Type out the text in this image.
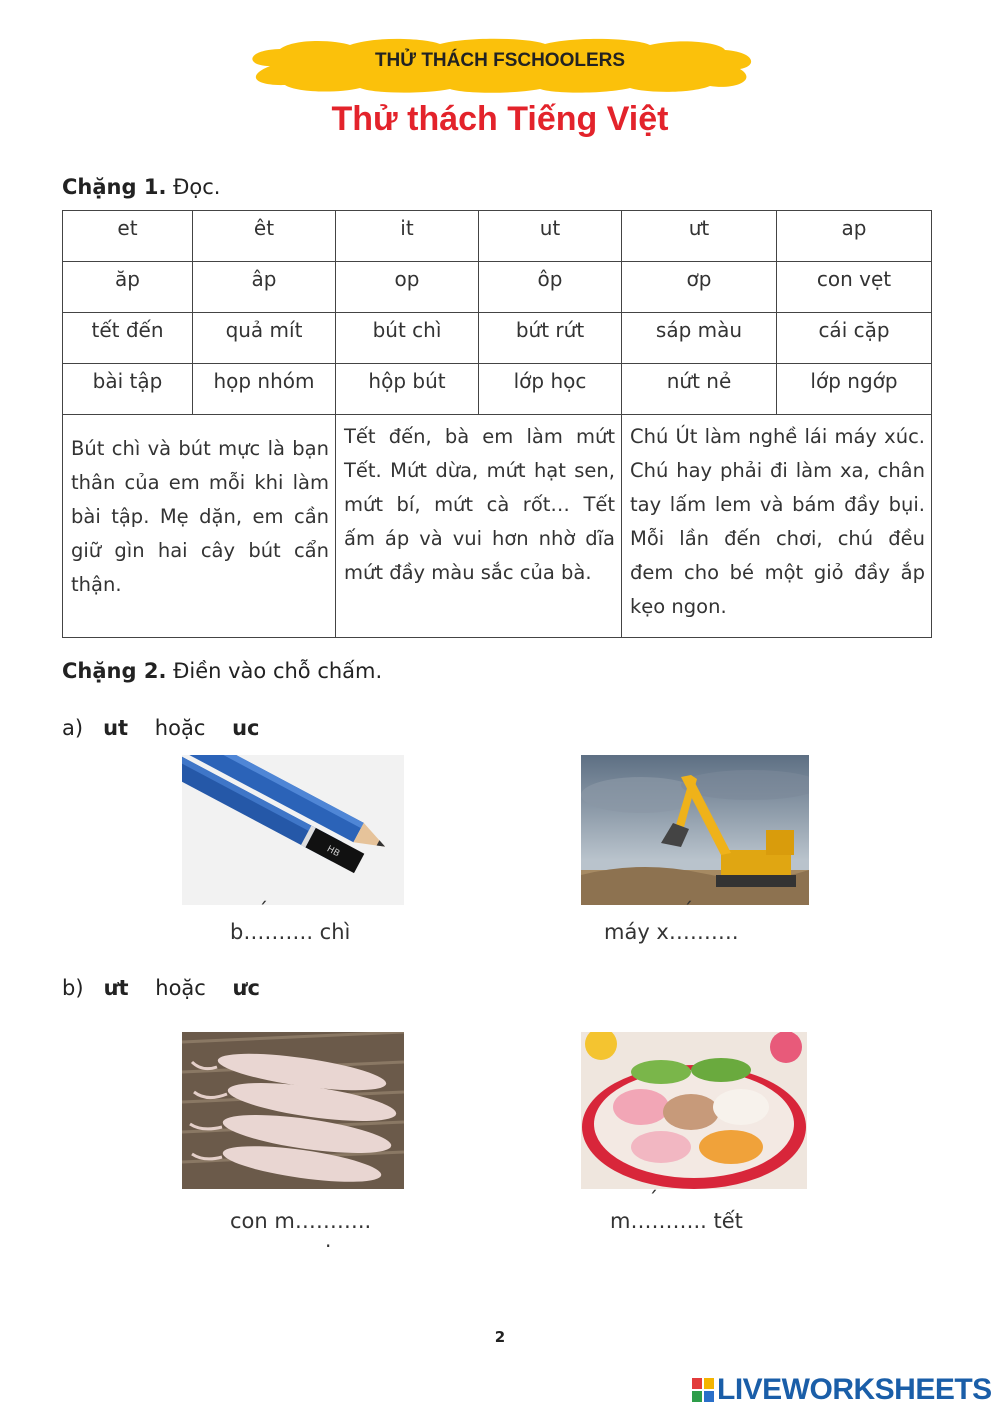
THỬ THÁCH FSCHOOLERS
Thử thách Tiếng Việt
Chặng 1. Đọc.
et	êt	it	ut	ưt	ap
ăp	âp	op	ôp	ơp	con vẹt
tết đến	quả mít	bút chì	bứt rứt	sáp màu	cái cặp
bài tập	họp nhóm	hộp bút	lớp học	nứt nẻ	lớp ngớp

Bút chì và bút mực là bạn thân của em mỗi khi làm bài tập. Mẹ dặn, em cần giữ gìn hai cây bút cẩn thận.		Tết đến, bà em làm mứt Tết. Mứt dừa, mứt hạt sen, mứt bí, mứt cà rốt… Tết ấm áp và vui hơn nhờ dĩa mứt đầy màu sắc của bà.		Chú Út làm nghề lái máy xúc. Chú hay phải đi làm xa, chân tay lấm lem và bám đầy bụi. Mỗi lần đến chơi, chú đều đem cho bé một giỏ đầy ắp kẹo ngon.	
Chặng 2. Điền vào chỗ chấm.
a) ut hoặc uc
HB
´
b………. chì
´
máy x……….
b) ưt hoặc ưc
con m………..
.
´
m……….. tết
2
LIVEWORKSHEETS
